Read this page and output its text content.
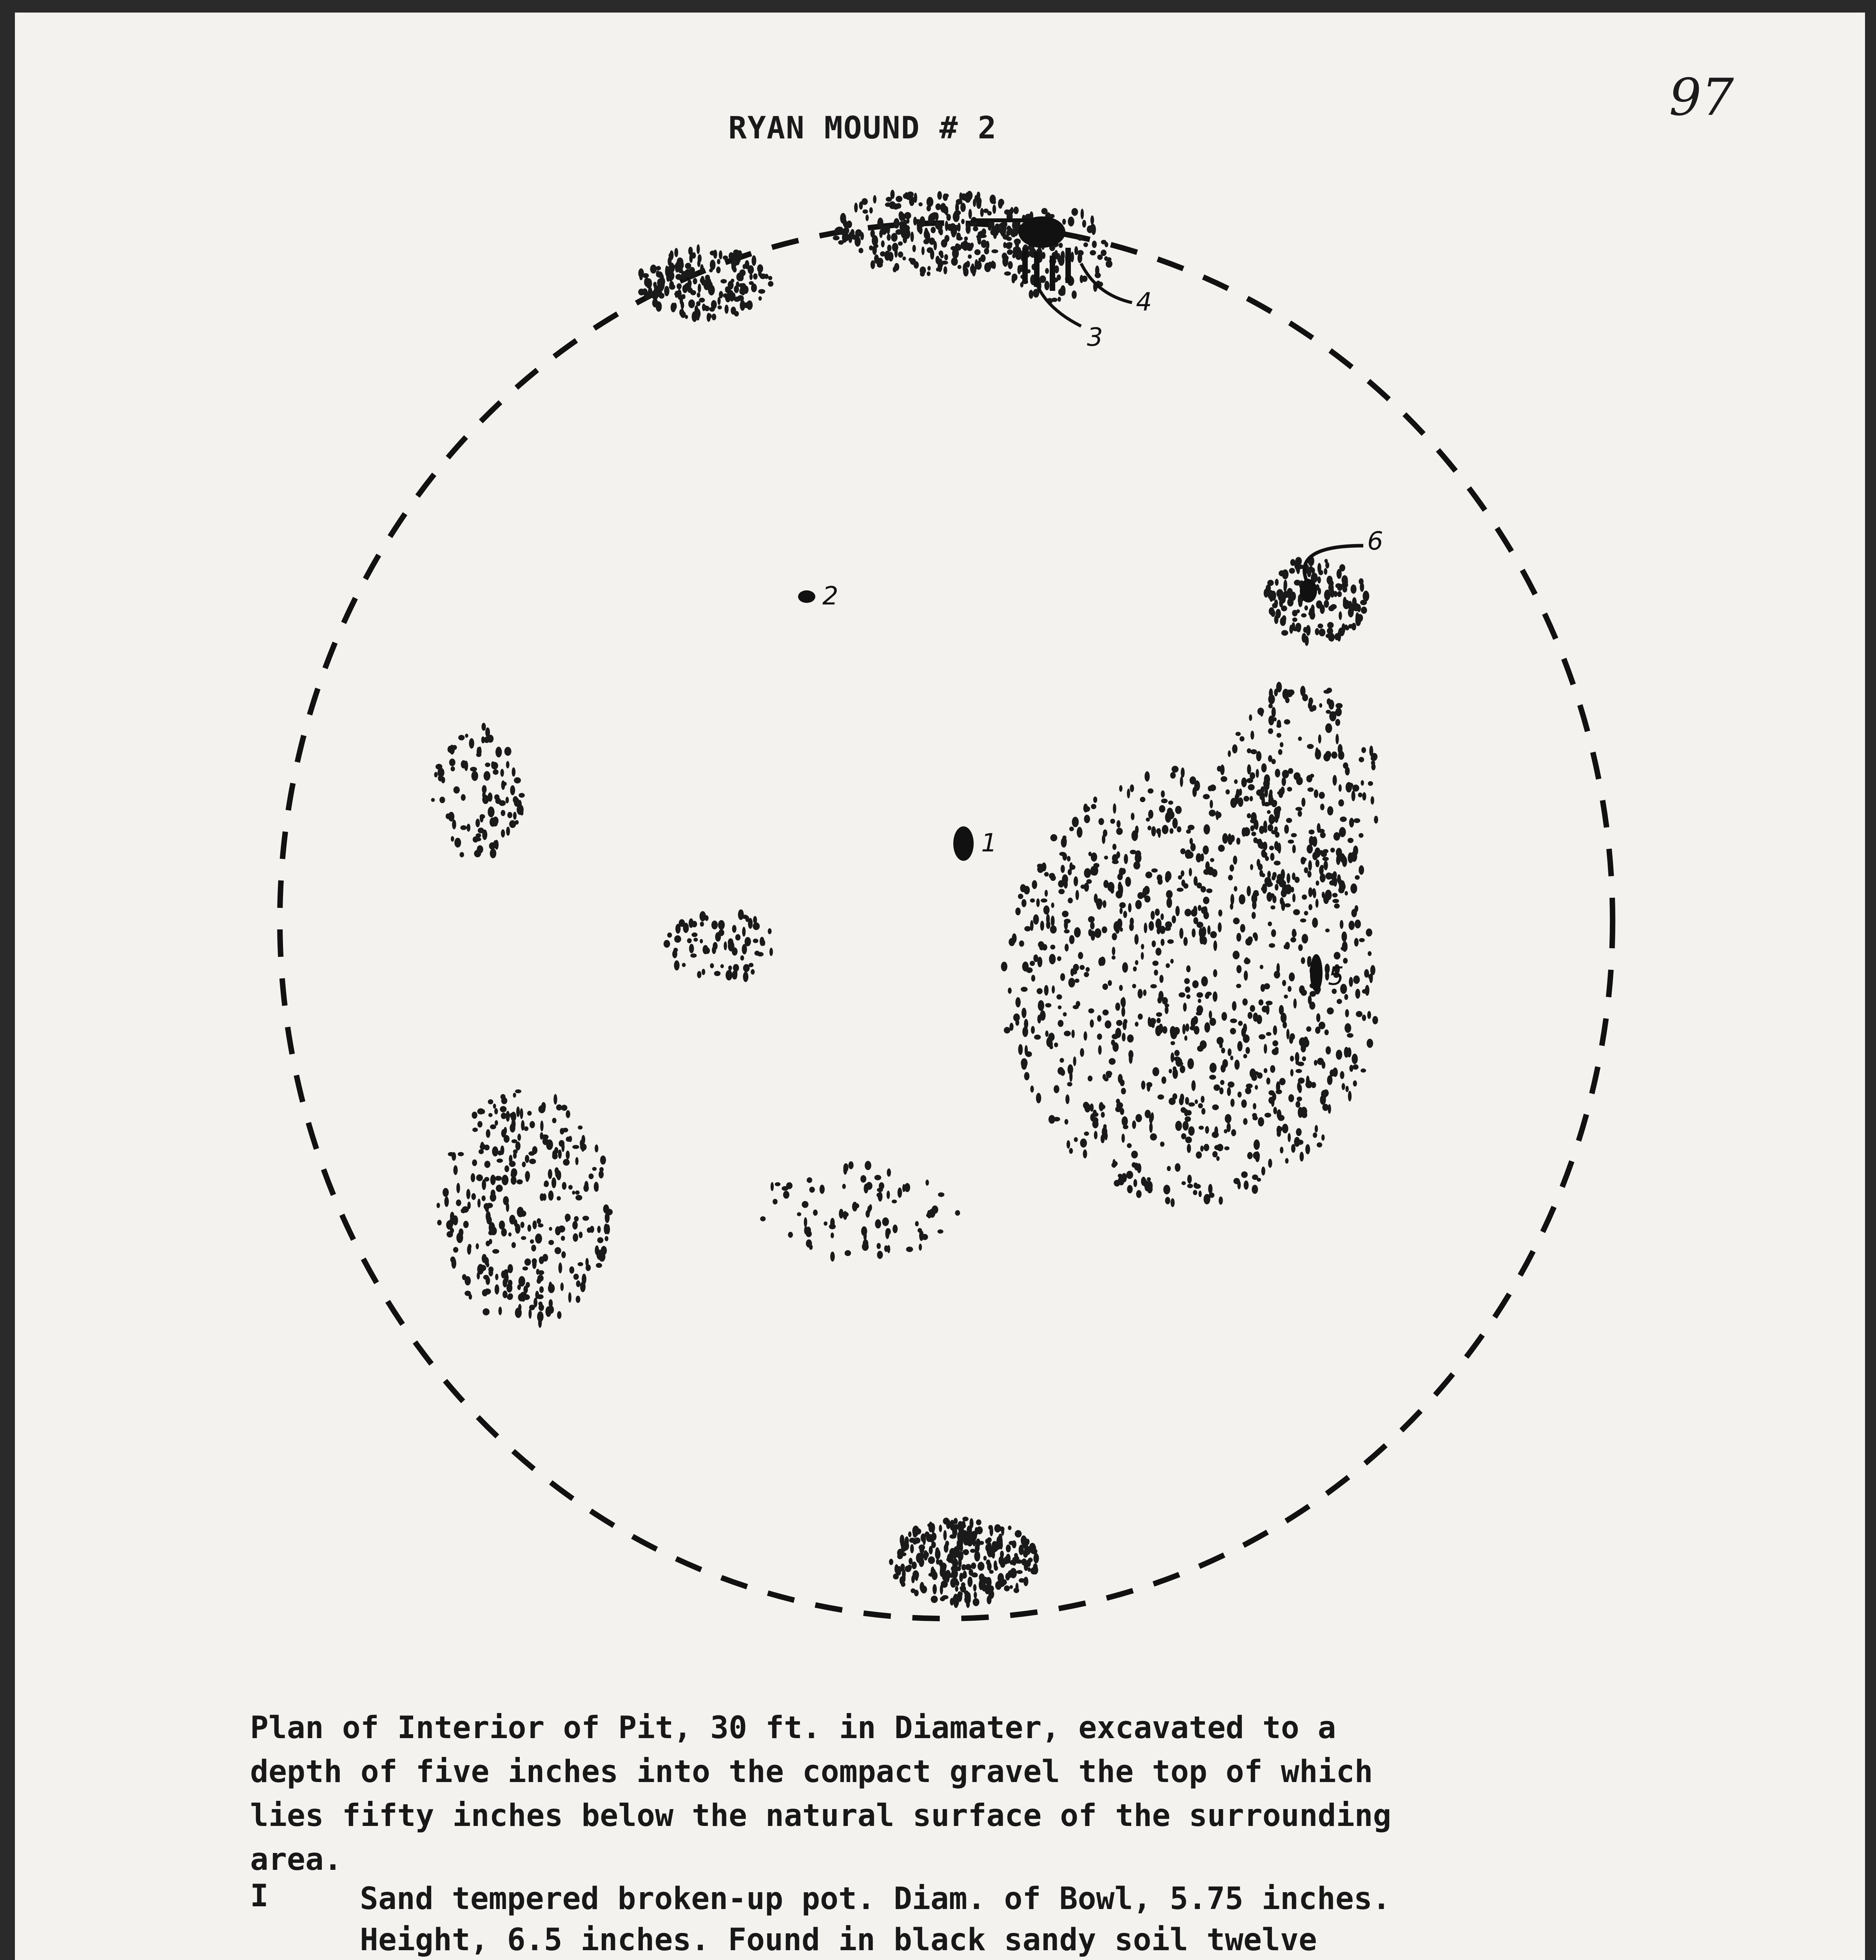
97
RYAN MOUND # 2
1
2
3
4
5
6
Plan of Interior of Pit, 30 ft. in Diamater, excavated to a
depth of five inches into the compact gravel the top of which
lies fifty inches below the natural surface of the surrounding
area.
I	Sand tempered broken-up pot. Diam. of Bowl, 5.75 inches.
Height, 6.5 inches. Found in black sandy soil twelve
